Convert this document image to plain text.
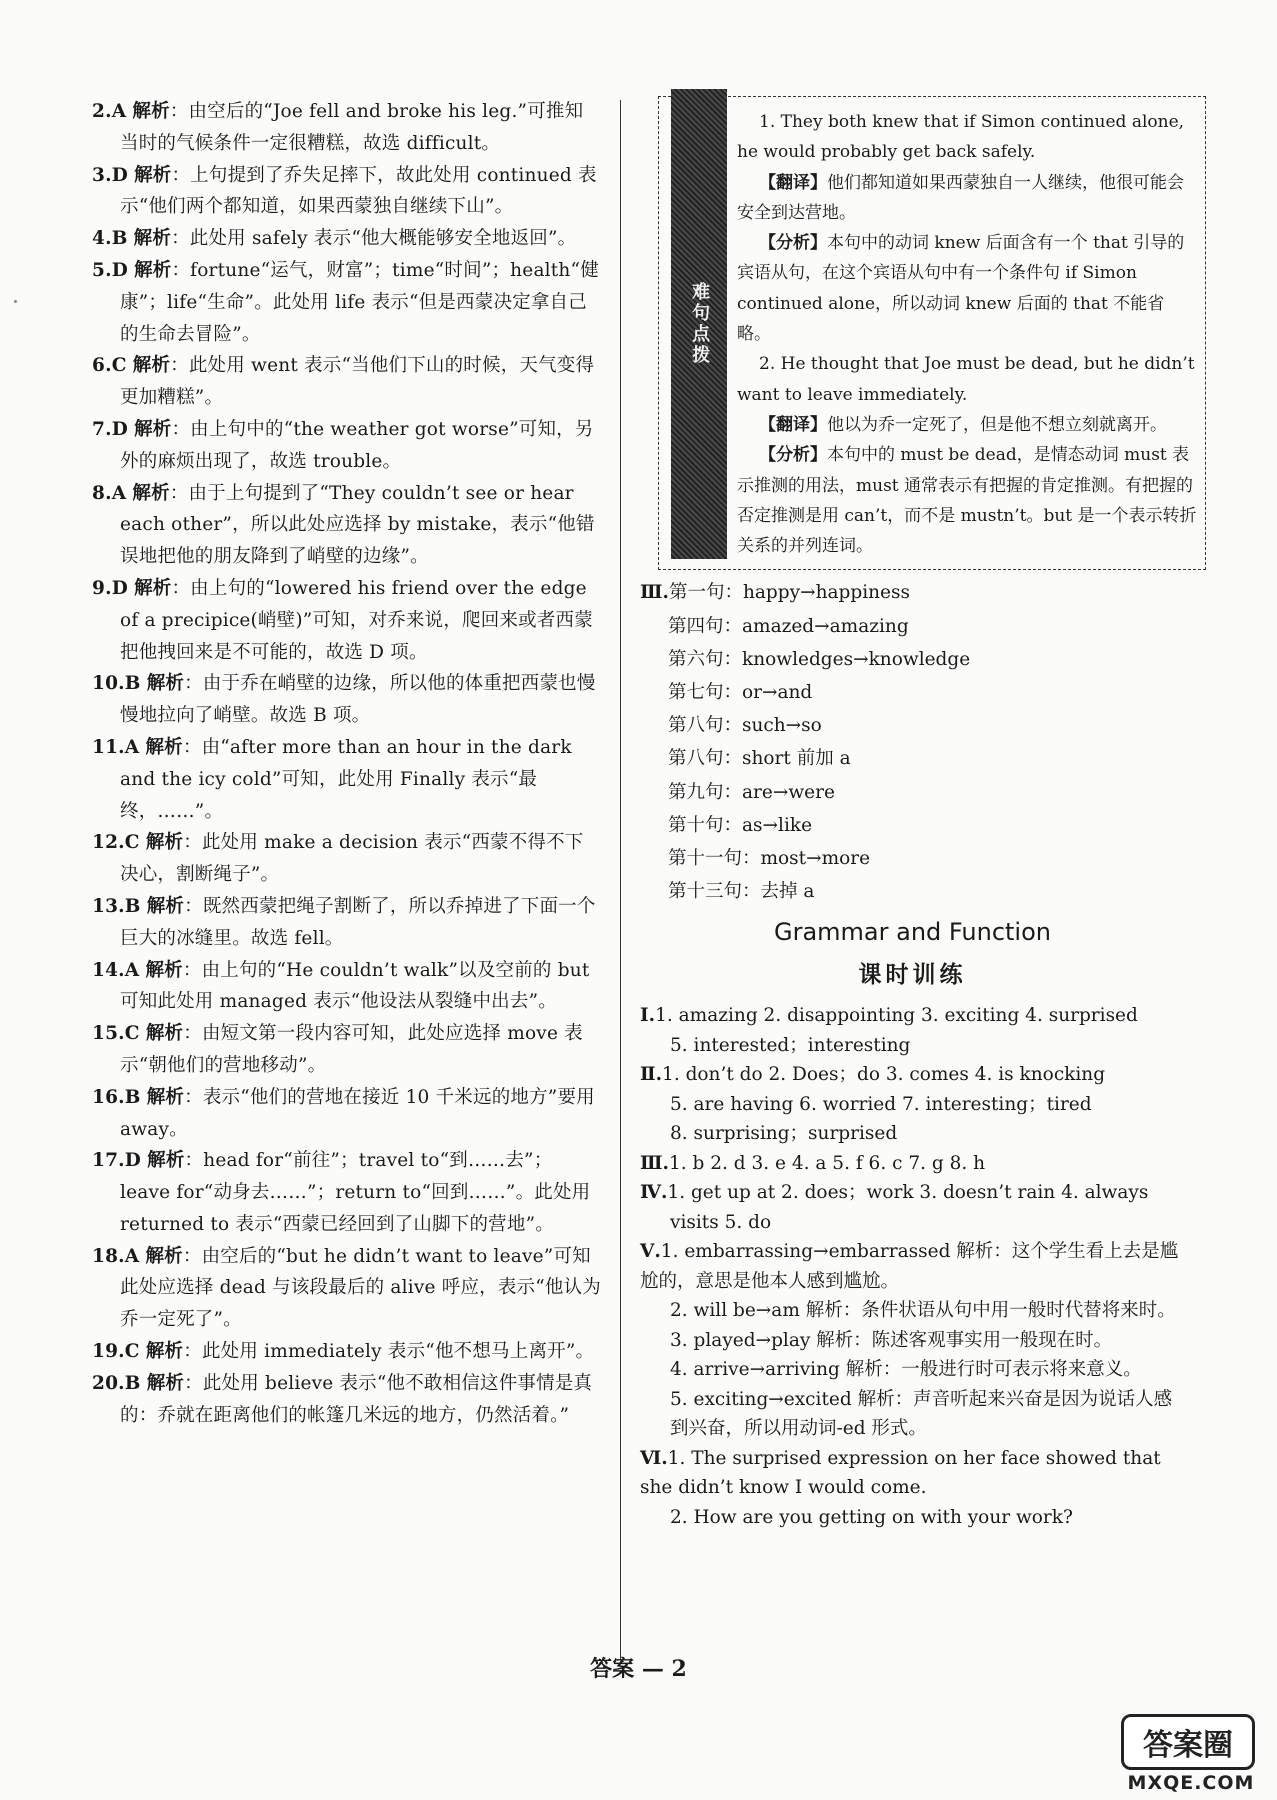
2.A 解析：由空后的“Joe fell and broke his leg.”可推知当时的气候条件一定很糟糕，故选 difficult。

3.D 解析：上句提到了乔失足摔下，故此处用 continued 表示“他们两个都知道，如果西蒙独自继续下山”。

4.B 解析：此处用 safely 表示“他大概能够安全地返回”。

5.D 解析：fortune“运气，财富”；time“时间”；health“健康”；life“生命”。此处用 life 表示“但是西蒙决定拿自己的生命去冒险”。

6.C 解析：此处用 went 表示“当他们下山的时候，天气变得更加糟糕”。

7.D 解析：由上句中的“the weather got worse”可知，另外的麻烦出现了，故选 trouble。

8.A 解析：由于上句提到了“They couldn’t see or hear each other”，所以此处应选择 by mistake，表示“他错误地把他的朋友降到了峭壁的边缘”。

9.D 解析：由上句的“lowered his friend over the edge of a precipice(峭壁)”可知，对乔来说，爬回来或者西蒙把他拽回来是不可能的，故选 D 项。

10.B 解析：由于乔在峭壁的边缘，所以他的体重把西蒙也慢慢地拉向了峭壁。故选 B 项。

11.A 解析：由“after more than an hour in the dark and the icy cold”可知，此处用 Finally 表示“最终，……”。

12.C 解析：此处用 make a decision 表示“西蒙不得不下决心，割断绳子”。

13.B 解析：既然西蒙把绳子割断了，所以乔掉进了下面一个巨大的冰缝里。故选 fell。

14.A 解析：由上句的“He couldn’t walk”以及空前的 but 可知此处用 managed 表示“他设法从裂缝中出去”。

15.C 解析：由短文第一段内容可知，此处应选择 move 表示“朝他们的营地移动”。

16.B 解析：表示“他们的营地在接近 10 千米远的地方”要用 away。

17.D 解析：head for“前往”；travel to“到……去”；leave for“动身去……”；return to“回到……”。此处用returned to 表示“西蒙已经回到了山脚下的营地”。

18.A 解析：由空后的“but he didn’t want to leave”可知此处应选择 dead 与该段最后的 alive 呼应，表示“他认为乔一定死了”。

19.C 解析：此处用 immediately 表示“他不想马上离开”。

20.B 解析：此处用 believe 表示“他不敢相信这件事情是真的：乔就在距离他们的帐篷几米远的地方，仍然活着。”

难句点拨

1. They both knew that if Simon continued alone, he would probably get back safely.

【翻译】他们都知道如果西蒙独自一人继续，他很可能会安全到达营地。

【分析】本句中的动词 knew 后面含有一个 that 引导的宾语从句，在这个宾语从句中有一个条件句 if Simon continued alone，所以动词 knew 后面的 that 不能省略。

2. He thought that Joe must be dead, but he didn’t want to leave immediately.

【翻译】他以为乔一定死了，但是他不想立刻就离开。

【分析】本句中的 must be dead，是情态动词 must 表示推测的用法，must 通常表示有把握的肯定推测。有把握的否定推测是用 can’t，而不是 mustn’t。but 是一个表示转折关系的并列连词。

Ⅲ.第一句：happy→happiness

第四句：amazed→amazing

第六句：knowledges→knowledge

第七句：or→and

第八句：such→so

第八句：short 前加 a

第九句：are→were

第十句：as→like

第十一句：most→more

第十三句：去掉 a

Grammar and Function
课时训练

Ⅰ.1. amazing 2. disappointing 3. exciting 4. surprised

5. interested；interesting

Ⅱ.1. don’t do 2. Does；do 3. comes 4. is knocking

5. are having 6. worried 7. interesting；tired

8. surprising；surprised

Ⅲ.1. b 2. d 3. e 4. a 5. f 6. c 7. g 8. h

Ⅳ.1. get up at 2. does；work 3. doesn’t rain 4. always

visits 5. do

Ⅴ.1. embarrassing→embarrassed 解析：这个学生看上去是尴尬的，意思是他本人感到尴尬。

2. will be→am 解析：条件状语从句中用一般时代替将来时。

3. played→play 解析：陈述客观事实用一般现在时。

4. arrive→arriving 解析：一般进行时可表示将来意义。

5. exciting→excited 解析：声音听起来兴奋是因为说话人感到兴奋，所以用动词-ed 形式。

Ⅵ.1. The surprised expression on her face showed that she didn’t know I would come.

2. How are you getting on with your work?

答案 — 2
答案圈
MXQE.COM
